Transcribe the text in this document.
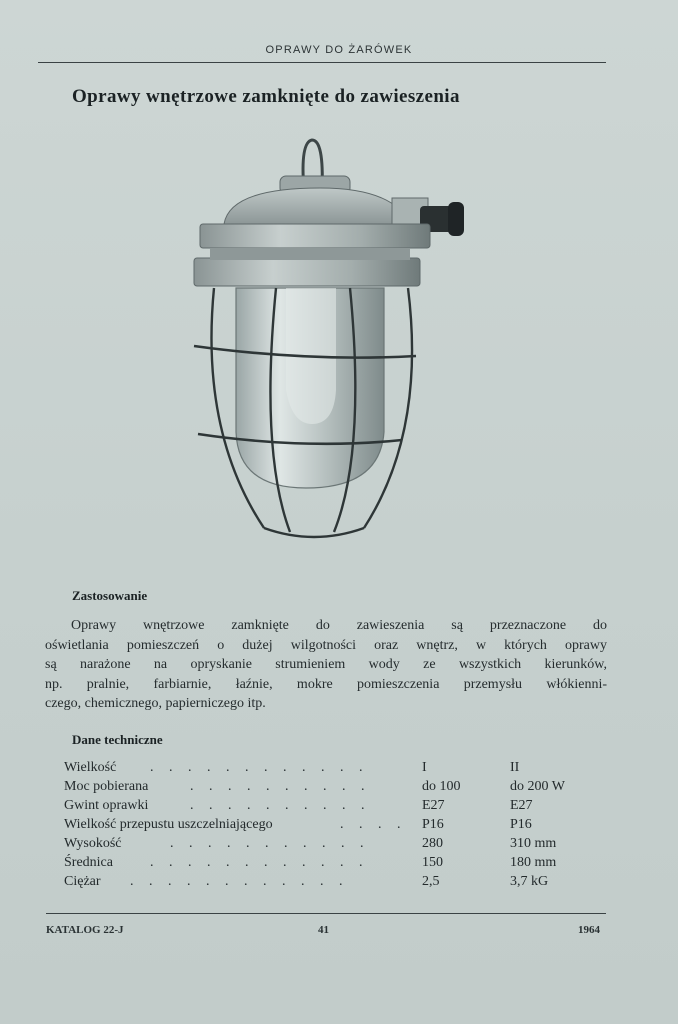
OPRAWY DO ŻARÓWEK
Oprawy wnętrzowe zamknięte do zawieszenia
Zastosowanie
Oprawy wnętrzowe zamknięte do zawieszenia są przeznaczone do
oświetlania pomieszczeń o dużej wilgotności oraz wnętrz, w których oprawy
są narażone na opryskanie strumieniem wody ze wszystkich kierunków,
np. pralnie, farbiarnie, łaźnie, mokre pomieszczenia przemysłu włókienni-
czego, chemicznego, papierniczego itp.
Dane techniczne
Wielkość . . . . . . . . . . . .	I	II
Moc pobierana	. . . . . . . . . .	do 100	do 200 W
Gwint oprawki	. . . . . . . . . .	E27	E27
Wielkość przepustu uszczelniającego	. . . . P16	P16
Wysokość	. . . . . . . . . . .	280	310 mm
Średnica	. . . . . . . . . . . .	150	180 mm
Ciężar . . . . . . . . . . . .	2,5	3,7 kG
KATALOG 22-J	41	1964
